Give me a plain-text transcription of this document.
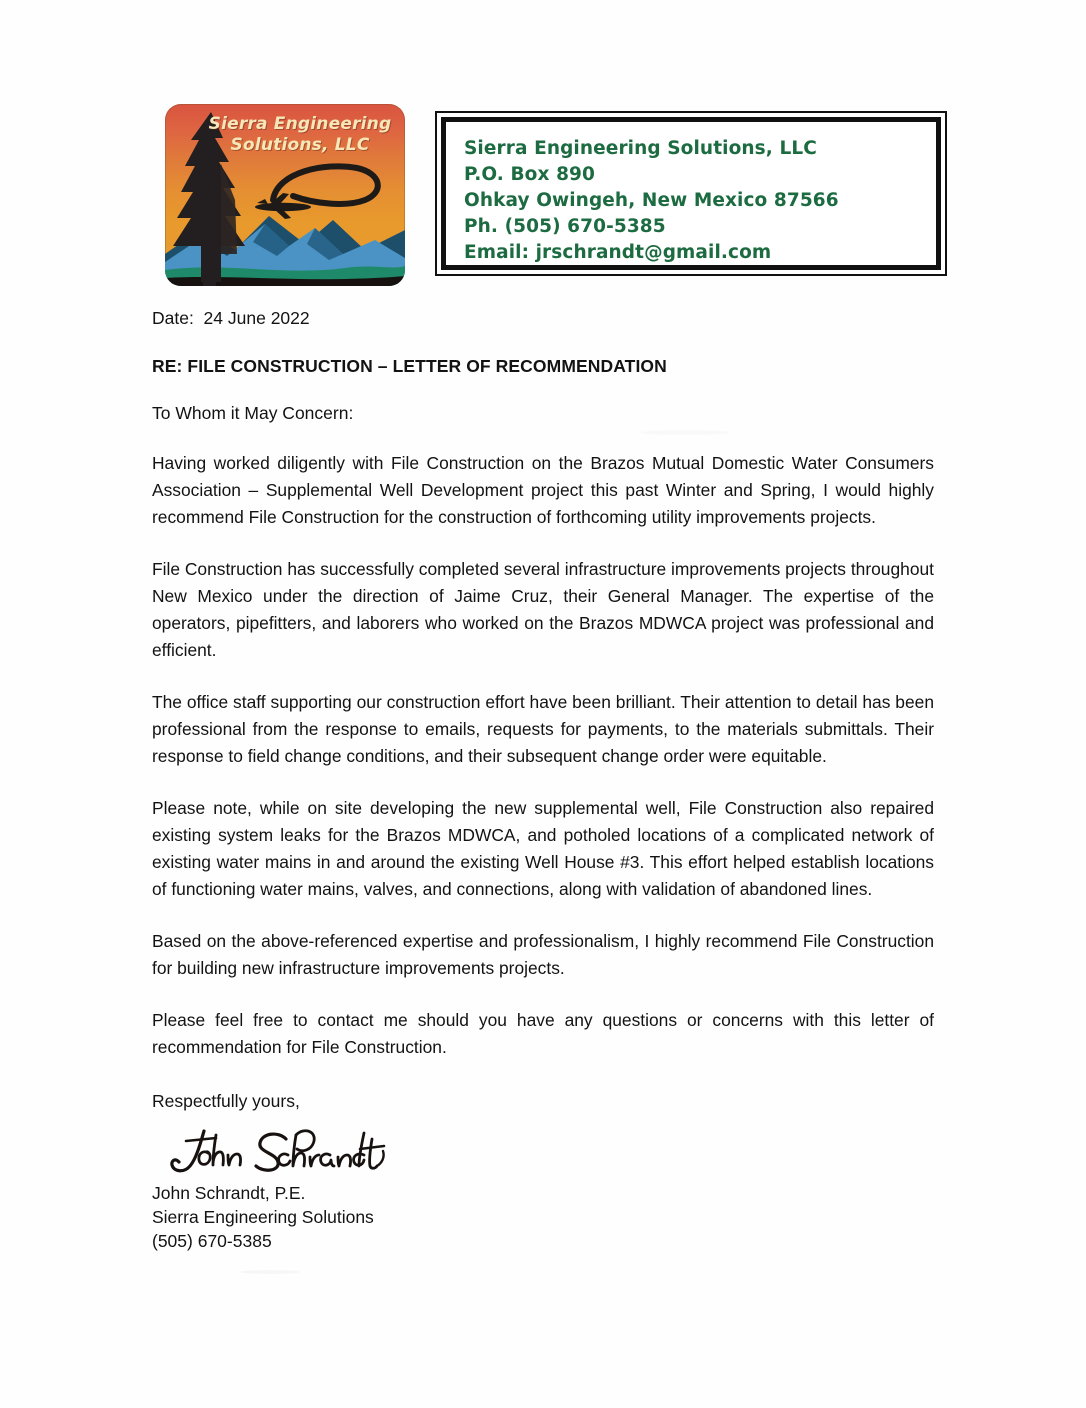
Sierra Engineering
Solutions, LLC	Sierra Engineering Solutions, LLC
P.O. Box 890
Ohkay Owingeh, New Mexico 87566
Ph. (505) 670-5385
Email: jrschrandt@gmail.com
Date:  24 June 2022
RE: FILE CONSTRUCTION – LETTER OF RECOMMENDATION
To Whom it May Concern:

Having worked diligently with File Construction on the Brazos Mutual Domestic Water Consumers Association – Supplemental Well Development project this past Winter and Spring, I would highly recommend File Construction for the construction of forthcoming utility improvements projects.

File Construction has successfully completed several infrastructure improvements projects throughout New Mexico under the direction of Jaime Cruz, their General Manager. The expertise of the operators, pipefitters, and laborers who worked on the Brazos MDWCA project was professional and efficient.

The office staff supporting our construction effort have been brilliant. Their attention to detail has been professional from the response to emails, requests for payments, to the materials submittals. Their response to field change conditions, and their subsequent change order were equitable.

Please note, while on site developing the new supplemental well, File Construction also repaired existing system leaks for the Brazos MDWCA, and potholed locations of a complicated network of existing water mains in and around the existing Well House #3. This effort helped establish locations of functioning water mains, valves, and connections, along with validation of abandoned lines.

Based on the above-referenced expertise and professionalism, I highly recommend File Construction for building new infrastructure improvements projects.

Please feel free to contact me should you have any questions or concerns with this letter of recommendation for File Construction.

Respectfully yours,
John Schrandt, P.E.
Sierra Engineering Solutions
(505) 670-5385
